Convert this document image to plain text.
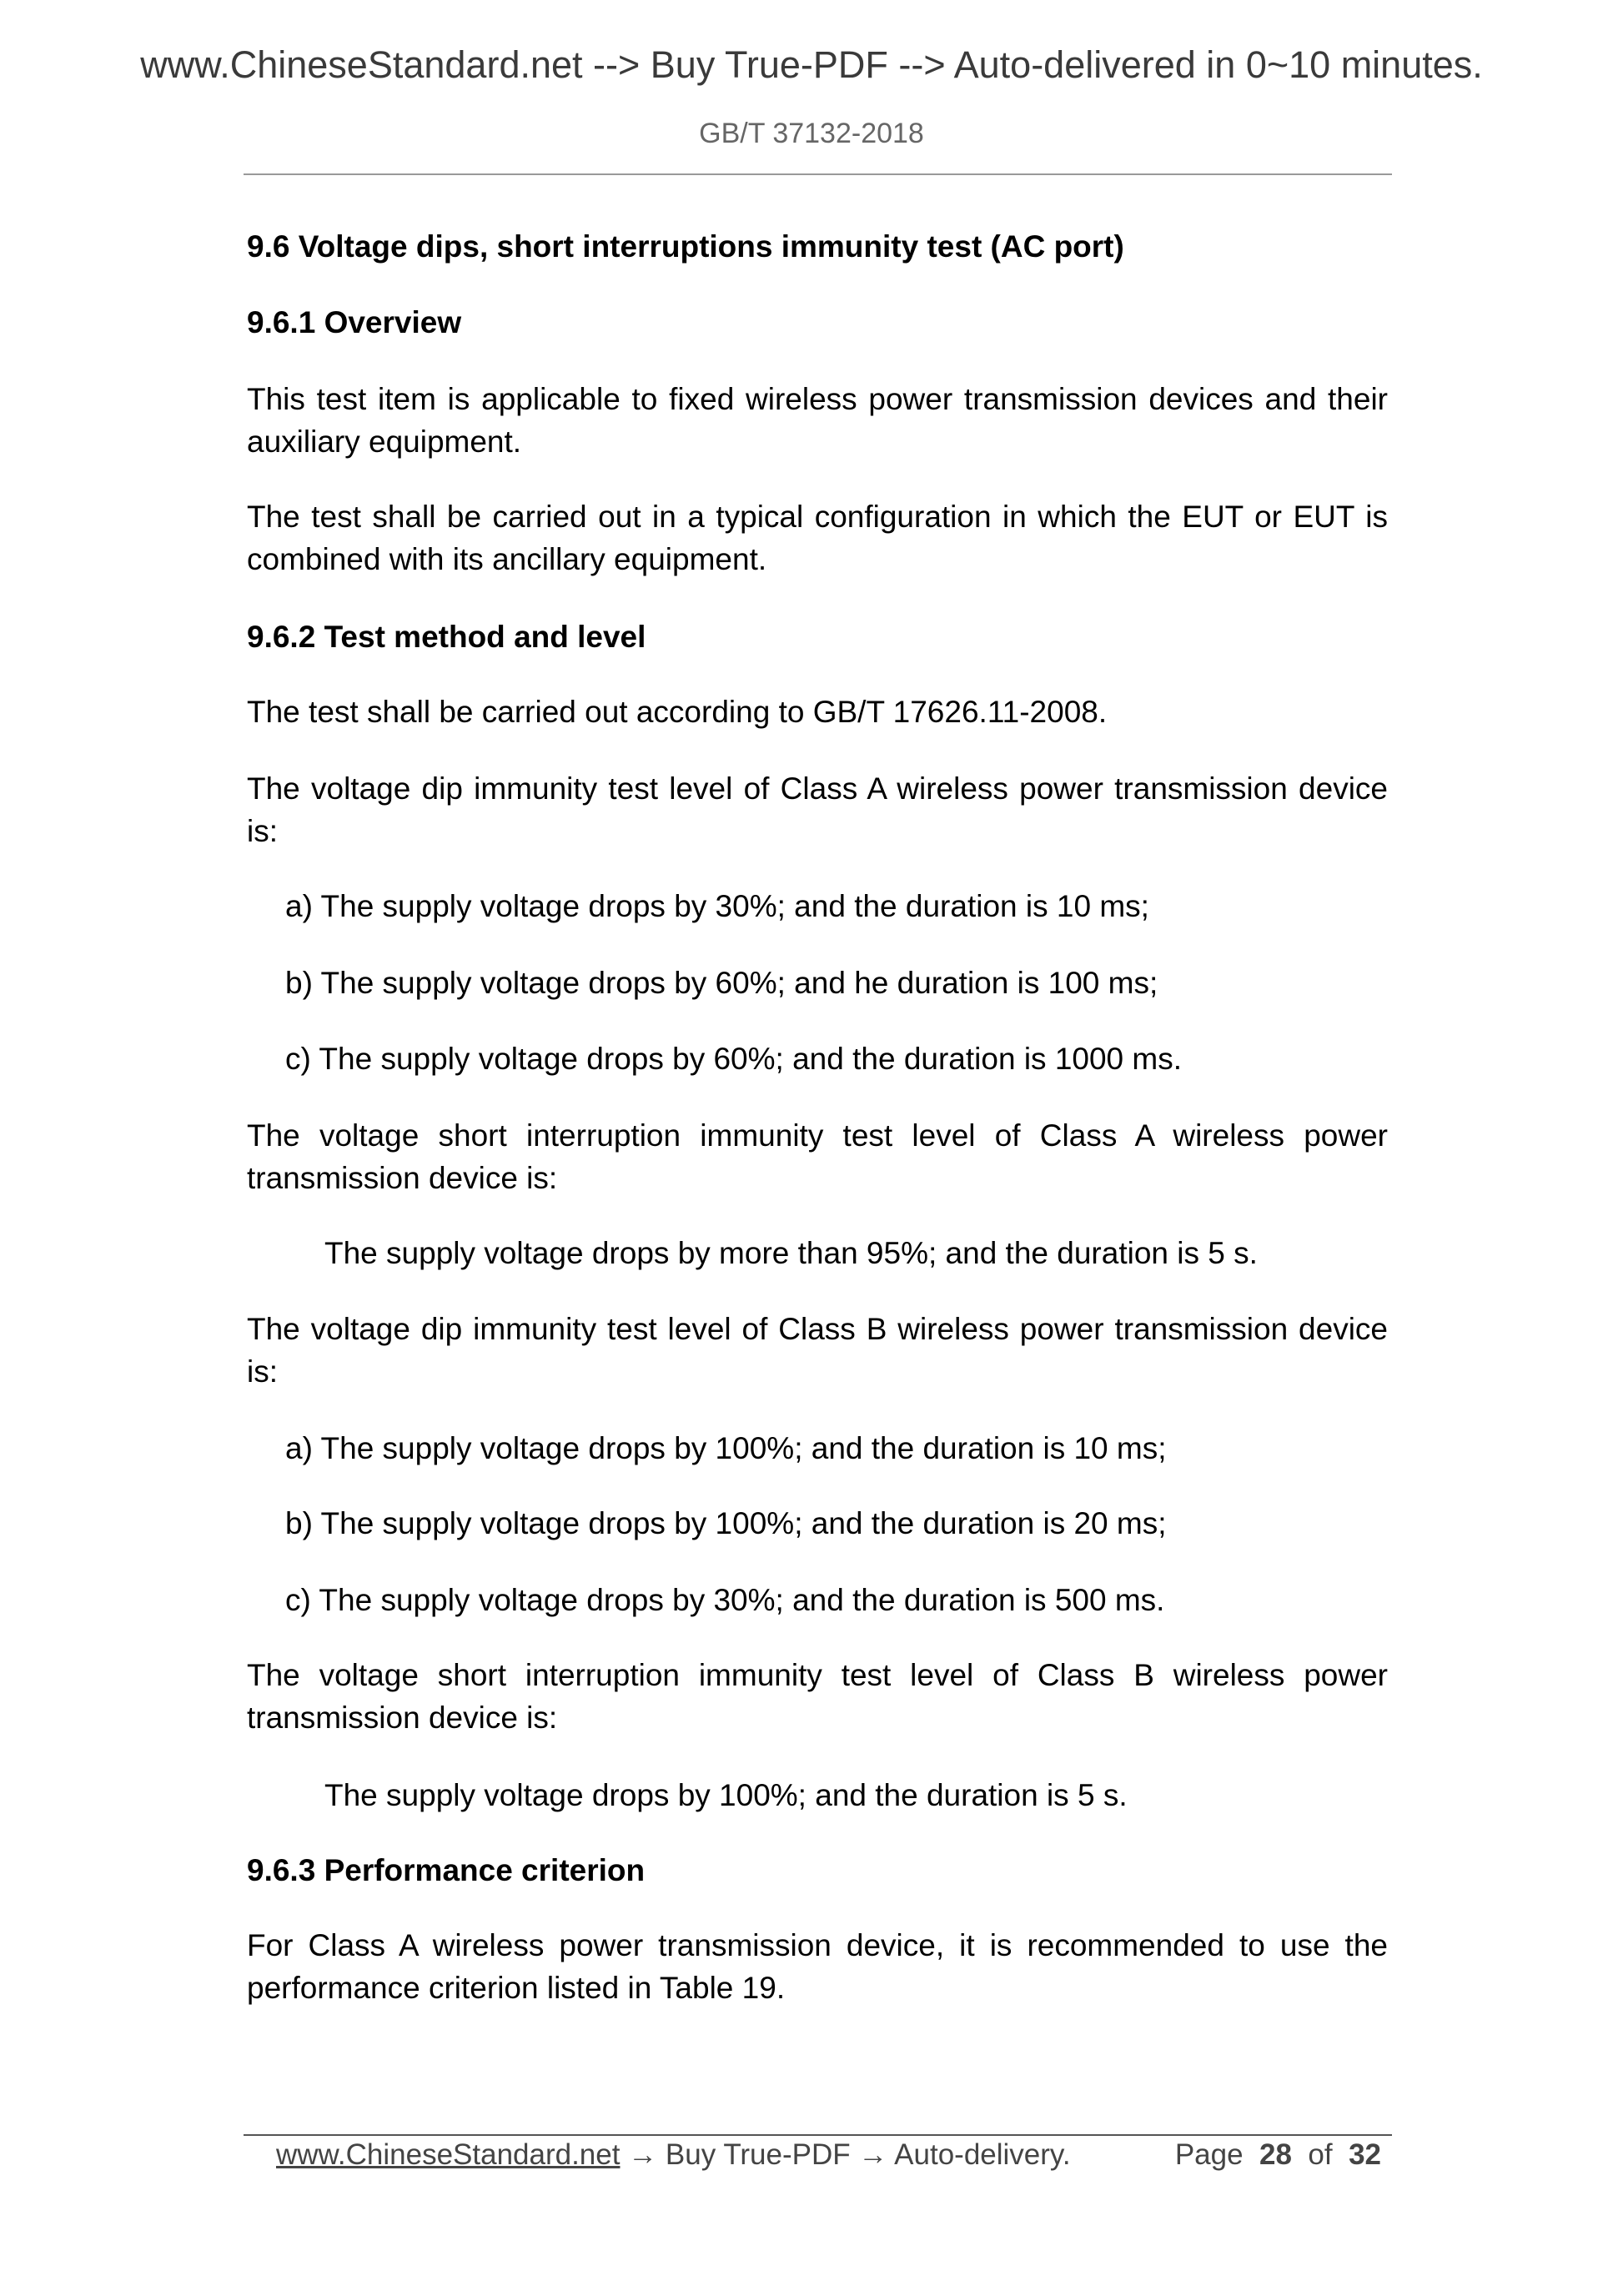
www.ChineseStandard.net --> Buy True-PDF --> Auto-delivered in 0~10 minutes.
GB/T 37132-2018
9.6 Voltage dips, short interruptions immunity test (AC port)
9.6.1 Overview
This test item is applicable to fixed wireless power transmission devices and their auxiliary equipment.
The test shall be carried out in a typical configuration in which the EUT or EUT is combined with its ancillary equipment.
9.6.2 Test method and level
The test shall be carried out according to GB/T 17626.11-2008.
The voltage dip immunity test level of Class A wireless power transmission device is:
a) The supply voltage drops by 30%; and the duration is 10 ms;
b) The supply voltage drops by 60%; and he duration is 100 ms;
c) The supply voltage drops by 60%; and the duration is 1000 ms.
The voltage short interruption immunity test level of Class A wireless power transmission device is:
The supply voltage drops by more than 95%; and the duration is 5 s.
The voltage dip immunity test level of Class B wireless power transmission device is:
a) The supply voltage drops by 100%; and the duration is 10 ms;
b) The supply voltage drops by 100%; and the duration is 20 ms;
c) The supply voltage drops by 30%; and the duration is 500 ms.
The voltage short interruption immunity test level of Class B wireless power transmission device is:
The supply voltage drops by 100%; and the duration is 5 s.
9.6.3 Performance criterion
For Class A wireless power transmission device, it is recommended to use the performance criterion listed in Table 19.
www.ChineseStandard.net → Buy True-PDF → Auto-delivery.	Page 28 of 32
